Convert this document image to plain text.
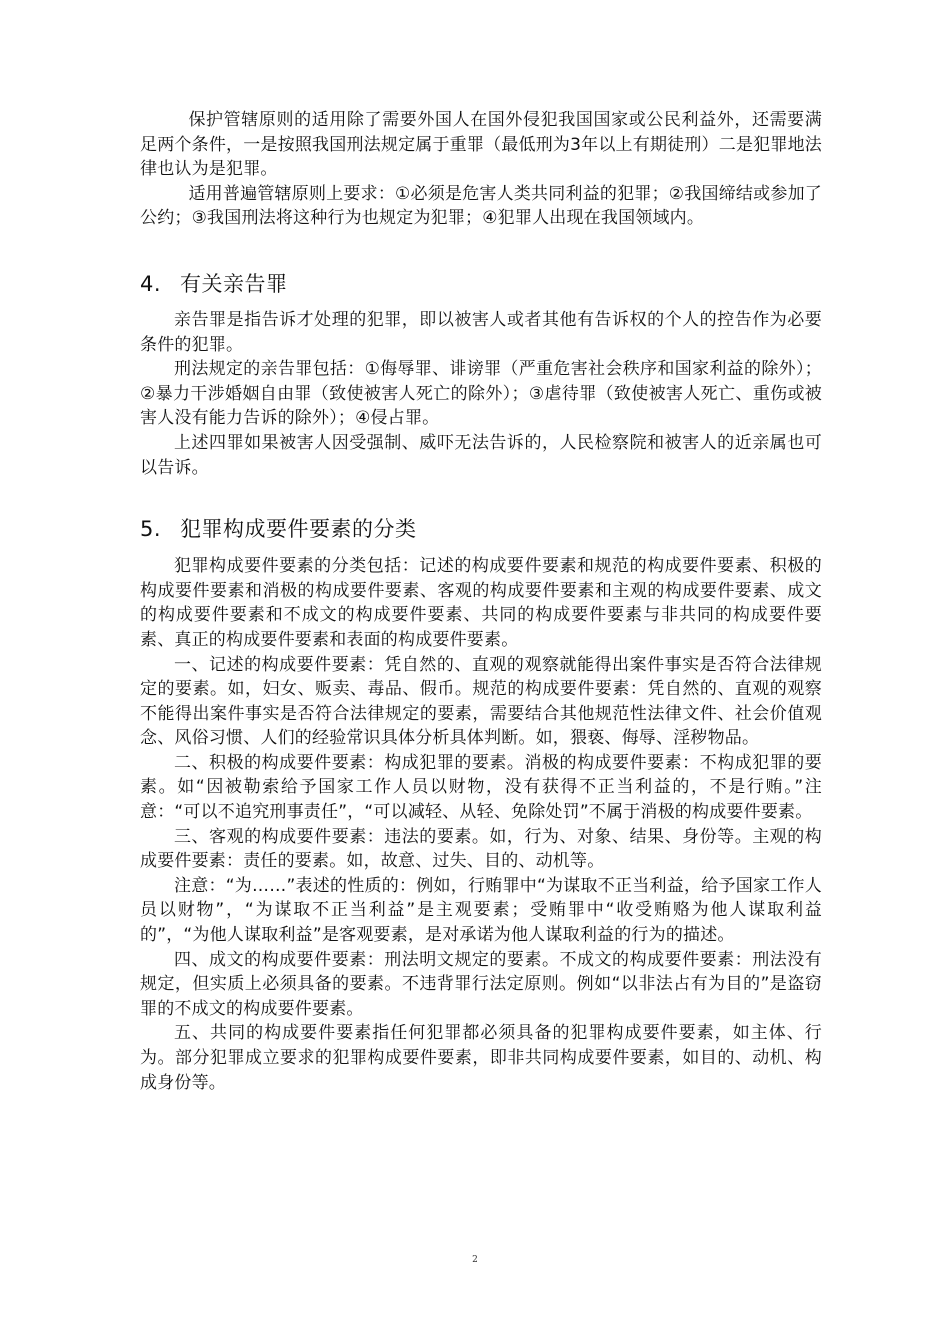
保护管辖原则的适用除了需要外国人在国外侵犯我国国家或公民利益外，还需要满足两个条件，一是按照我国刑法规定属于重罪（最低刑为3年以上有期徒刑）二是犯罪地法律也认为是犯罪。

适用普遍管辖原则上要求：①必须是危害人类共同利益的犯罪；②我国缔结或参加了公约；③我国刑法将这种行为也规定为犯罪；④犯罪人出现在我国领域内。

4. 有关亲告罪

亲告罪是指告诉才处理的犯罪，即以被害人或者其他有告诉权的个人的控告作为必要条件的犯罪。

刑法规定的亲告罪包括：①侮辱罪、诽谤罪（严重危害社会秩序和国家利益的除外）；②暴力干涉婚姻自由罪（致使被害人死亡的除外）；③虐待罪（致使被害人死亡、重伤或被害人没有能力告诉的除外）；④侵占罪。

上述四罪如果被害人因受强制、威吓无法告诉的，人民检察院和被害人的近亲属也可以告诉。

5. 犯罪构成要件要素的分类

犯罪构成要件要素的分类包括：记述的构成要件要素和规范的构成要件要素、积极的构成要件要素和消极的构成要件要素、客观的构成要件要素和主观的构成要件要素、成文的构成要件要素和不成文的构成要件要素、共同的构成要件要素与非共同的构成要件要素、真正的构成要件要素和表面的构成要件要素。

一、记述的构成要件要素：凭自然的、直观的观察就能得出案件事实是否符合法律规定的要素。如，妇女、贩卖、毒品、假币。规范的构成要件要素：凭自然的、直观的观察不能得出案件事实是否符合法律规定的要素，需要结合其他规范性法律文件、社会价值观念、风俗习惯、人们的经验常识具体分析具体判断。如，猥亵、侮辱、淫秽物品。

二、积极的构成要件要素：构成犯罪的要素。消极的构成要件要素：不构成犯罪的要素。如“因被勒索给予国家工作人员以财物，没有获得不正当利益的，不是行贿。”注意：“可以不追究刑事责任”，“可以减轻、从轻、免除处罚”不属于消极的构成要件要素。

三、客观的构成要件要素：违法的要素。如，行为、对象、结果、身份等。主观的构成要件要素：责任的要素。如，故意、过失、目的、动机等。

注意：“为……”表述的性质的：例如，行贿罪中“为谋取不正当利益，给予国家工作人员以财物”，“为谋取不正当利益”是主观要素；受贿罪中“收受贿赂为他人谋取利益的”，“为他人谋取利益”是客观要素，是对承诺为他人谋取利益的行为的描述。

四、成文的构成要件要素：刑法明文规定的要素。不成文的构成要件要素：刑法没有规定，但实质上必须具备的要素。不违背罪行法定原则。例如“以非法占有为目的”是盗窃罪的不成文的构成要件要素。

五、共同的构成要件要素指任何犯罪都必须具备的犯罪构成要件要素，如主体、行为。部分犯罪成立要求的犯罪构成要件要素，即非共同构成要件要素，如目的、动机、构成身份等。

2
